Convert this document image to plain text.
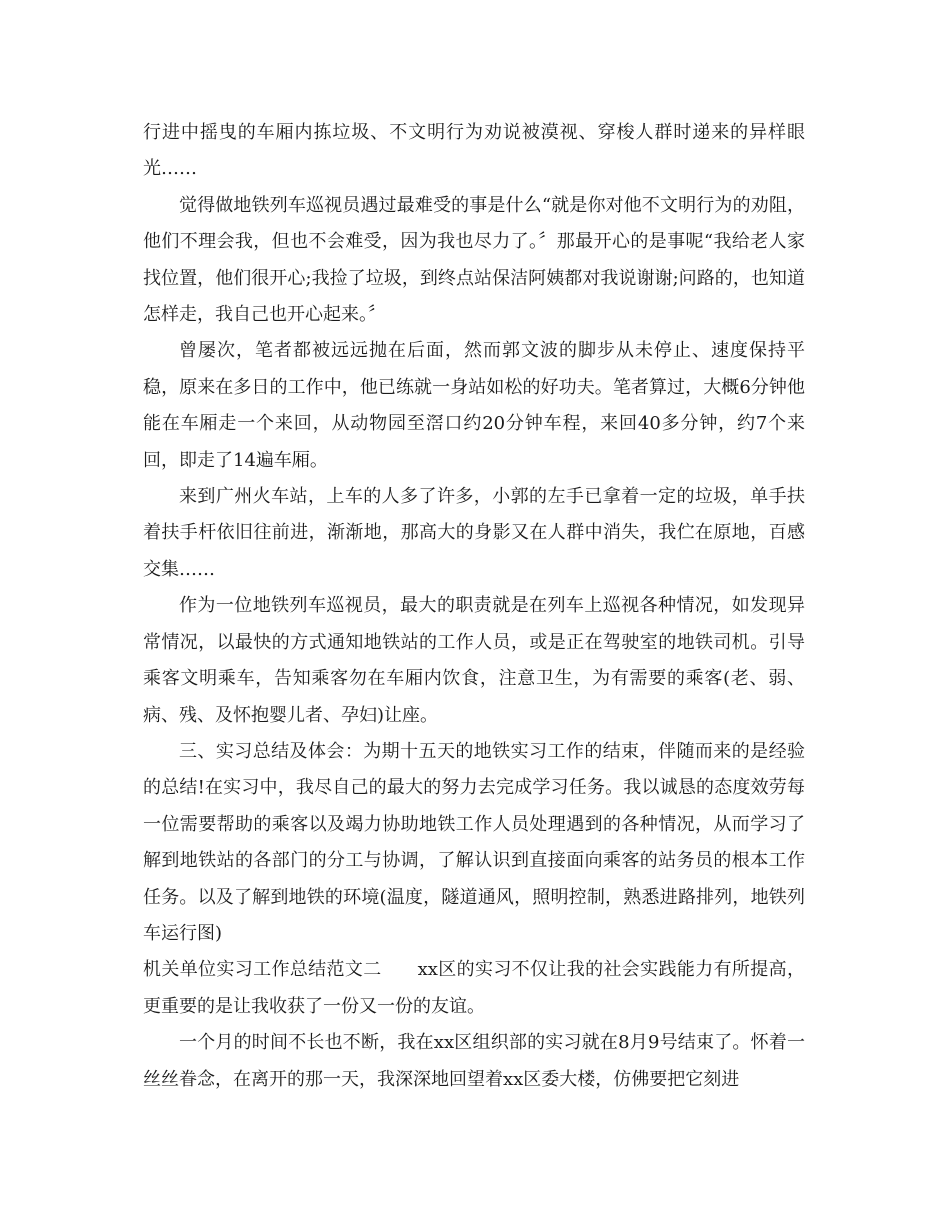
行进中摇曳的车厢内拣垃圾、不文明行为劝说被漠视、穿梭人群时递来的异样眼光……

觉得做地铁列车巡视员遇过最难受的事是什么“就是你对他不文明行为的劝阻，他们不理会我，但也不会难受，因为我也尽力了。〞那最开心的是事呢“我给老人家找位置，他们很开心;我捡了垃圾，到终点站保洁阿姨都对我说谢谢;问路的，也知道怎样走，我自己也开心起来。〞

曾屡次，笔者都被远远抛在后面，然而郭文波的脚步从未停止、速度保持平稳，原来在多日的工作中，他已练就一身站如松的好功夫。笔者算过，大概6分钟他能在车厢走一个来回，从动物园至滘口约20分钟车程，来回40多分钟，约7个来回，即走了14遍车厢。

来到广州火车站，上车的人多了许多，小郭的左手已拿着一定的垃圾，单手扶着扶手杆依旧往前进，渐渐地，那高大的身影又在人群中消失，我伫在原地，百感交集……

作为一位地铁列车巡视员，最大的职责就是在列车上巡视各种情况，如发现异常情况，以最快的方式通知地铁站的工作人员，或是正在驾驶室的地铁司机。引导乘客文明乘车，告知乘客勿在车厢内饮食，注意卫生，为有需要的乘客(老、弱、病、残、及怀抱婴儿者、孕妇)让座。

三、实习总结及体会：为期十五天的地铁实习工作的结束，伴随而来的是经验的总结!在实习中，我尽自己的最大的努力去完成学习任务。我以诚恳的态度效劳每一位需要帮助的乘客以及竭力协助地铁工作人员处理遇到的各种情况，从而学习了解到地铁站的各部门的分工与协调，了解认识到直接面向乘客的站务员的根本工作任务。以及了解到地铁的环境(温度，隧道通风，照明控制，熟悉进路排列，地铁列车运行图)

机关单位实习工作总结范文二 xx区的实习不仅让我的社会实践能力有所提高，更重要的是让我收获了一份又一份的友谊。

一个月的时间不长也不断，我在xx区组织部的实习就在8月9号结束了。怀着一丝丝眷念，在离开的那一天，我深深地回望着xx区委大楼，仿佛要把它刻进
